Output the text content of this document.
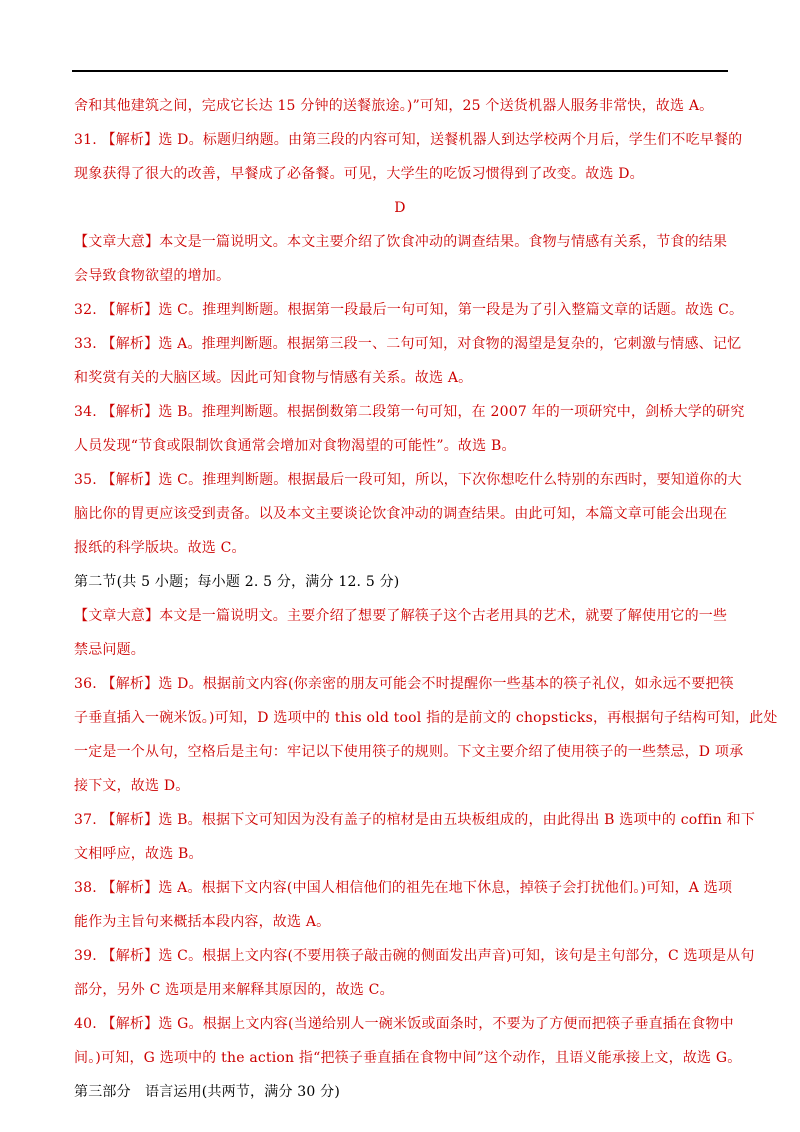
舍和其他建筑之间，完成它长达 15 分钟的送餐旅途。)”可知，25 个送货机器人服务非常快，故选 A。
31. 【解析】选 D。标题归纳题。由第三段的内容可知，送餐机器人到达学校两个月后，学生们不吃早餐的
现象获得了很大的改善，早餐成了必备餐。可见，大学生的吃饭习惯得到了改变。故选 D。
D
【文章大意】本文是一篇说明文。本文主要介绍了饮食冲动的调查结果。食物与情感有关系，节食的结果
会导致食物欲望的增加。
32. 【解析】选 C。推理判断题。根据第一段最后一句可知，第一段是为了引入整篇文章的话题。故选 C。
33. 【解析】选 A。推理判断题。根据第三段一、二句可知，对食物的渴望是复杂的，它刺激与情感、记忆
和奖赏有关的大脑区域。因此可知食物与情感有关系。故选 A。
34. 【解析】选 B。推理判断题。根据倒数第二段第一句可知，在 2007 年的一项研究中，剑桥大学的研究
人员发现“节食或限制饮食通常会增加对食物渴望的可能性”。故选 B。
35. 【解析】选 C。推理判断题。根据最后一段可知，所以，下次你想吃什么特别的东西时，要知道你的大
脑比你的胃更应该受到责备。以及本文主要谈论饮食冲动的调查结果。由此可知，本篇文章可能会出现在
报纸的科学版块。故选 C。
第二节(共 5 小题；每小题 2. 5 分，满分 12. 5 分)
【文章大意】本文是一篇说明文。主要介绍了想要了解筷子这个古老用具的艺术，就要了解使用它的一些
禁忌问题。
36. 【解析】选 D。根据前文内容(你亲密的朋友可能会不时提醒你一些基本的筷子礼仪，如永远不要把筷
子垂直插入一碗米饭。)可知，D 选项中的 this old tool 指的是前文的 chopsticks，再根据句子结构可知，此处
一定是一个从句，空格后是主句：牢记以下使用筷子的规则。下文主要介绍了使用筷子的一些禁忌，D 项承
接下文，故选 D。
37. 【解析】选 B。根据下文可知因为没有盖子的棺材是由五块板组成的，由此得出 B 选项中的 coffin 和下
文相呼应，故选 B。
38. 【解析】选 A。根据下文内容(中国人相信他们的祖先在地下休息，掉筷子会打扰他们。)可知，A 选项
能作为主旨句来概括本段内容，故选 A。
39. 【解析】选 C。根据上文内容(不要用筷子敲击碗的侧面发出声音)可知，该句是主句部分，C 选项是从句
部分，另外 C 选项是用来解释其原因的，故选 C。
40. 【解析】选 G。根据上文内容(当递给别人一碗米饭或面条时，不要为了方便而把筷子垂直插在食物中
间。)可知，G 选项中的 the action 指“把筷子垂直插在食物中间”这个动作，且语义能承接上文，故选 G。
第三部分　语言运用(共两节，满分 30 分)
